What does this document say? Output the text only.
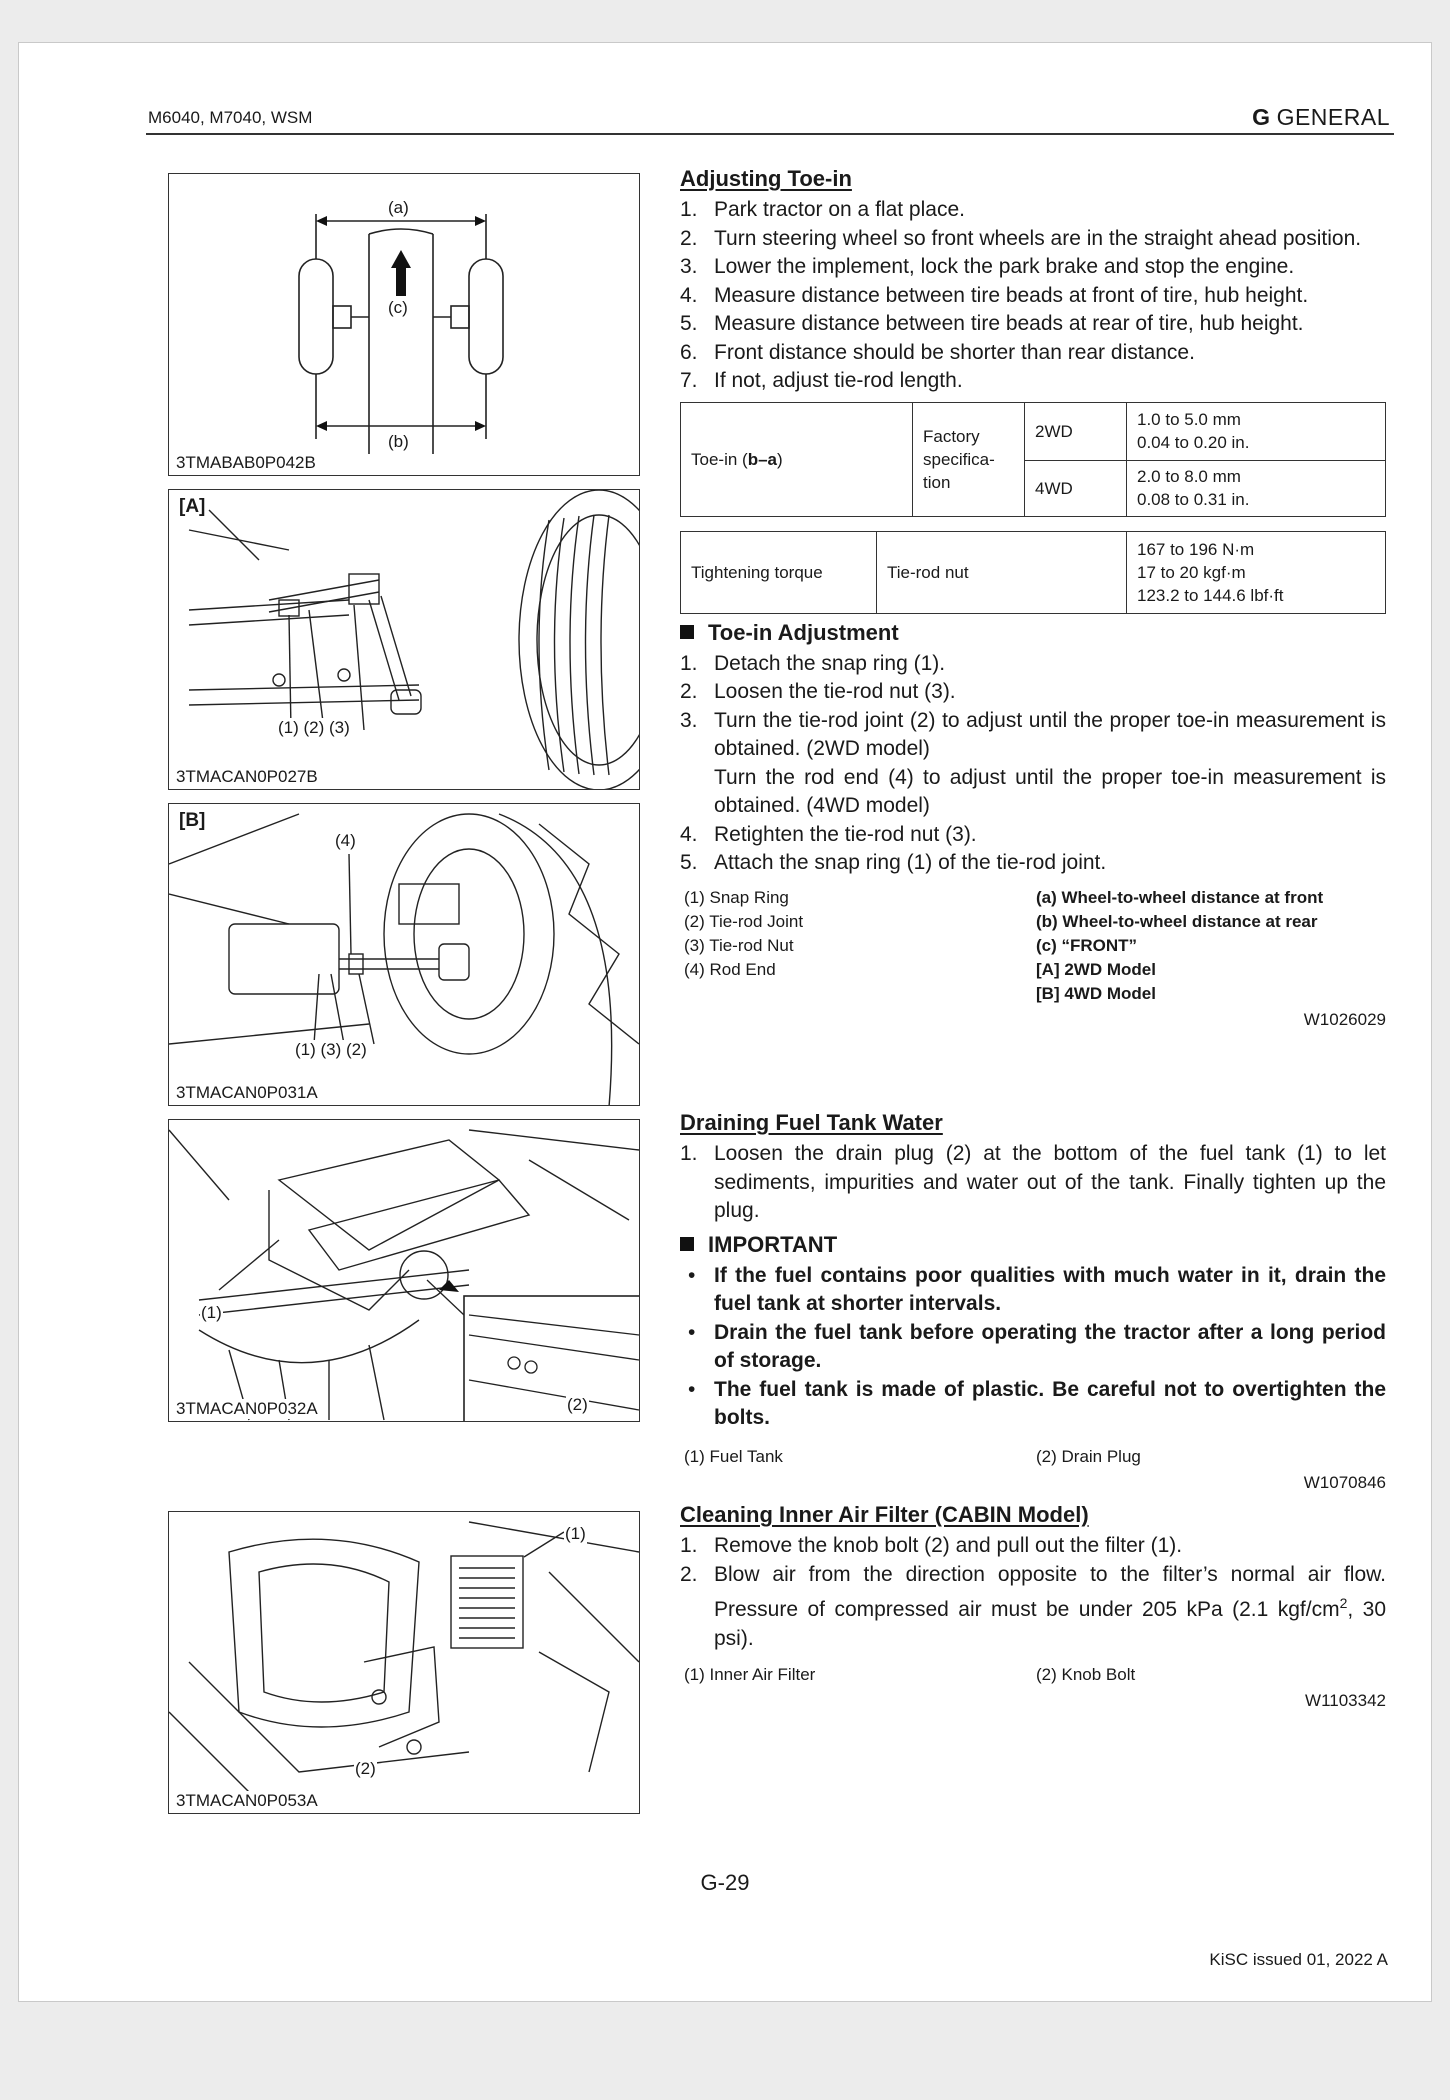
M6040, M7040, WSM	G GENERAL
(a)
(c)
(b)
3TMABAB0P042B
[A]
(1) (2) (3)
3TMACAN0P027B
[B]
(4)
(1) (3) (2)
3TMACAN0P031A
(1)
(2)
3TMACAN0P032A
(1)
(2)
3TMACAN0P053A
Adjusting Toe-in
1. Park tractor on a flat place.
2. Turn steering wheel so front wheels are in the straight ahead position.
3. Lower the implement, lock the park brake and stop the engine.
4. Measure distance between tire beads at front of tire, hub height.
5. Measure distance between tire beads at rear of tire, hub height.
6. Front distance should be shorter than rear distance.
7. If not, adjust tie-rod length.
Toe-in (b–a)	Factory specifica-tion	2WD	1.0 to 5.0 mm
0.04 to 0.20 in.

		4WD	2.0 to 8.0 mm
0.08 to 0.31 in.
Tightening torque	Tie-rod nut	
167 to 196 N·m
17 to 20 kgf·m
123.2 to 144.6 lbf·ft
Toe-in Adjustment
1. Detach the snap ring (1).
2. Loosen the tie-rod nut (3).
3. Turn the tie-rod joint (2) to adjust until the proper toe-in measurement is obtained. (2WD model)
Turn the rod end (4) to adjust until the proper toe-in measurement is obtained. (4WD model)
4. Retighten the tie-rod nut (3).
5. Attach the snap ring (1) of the tie-rod joint.
(1) Snap Ring
(2) Tie-rod Joint
(3) Tie-rod Nut
(4) Rod End
(a) Wheel-to-wheel distance at front
(b) Wheel-to-wheel distance at rear
(c) “FRONT”
[A] 2WD Model
[B] 4WD Model
W1026029
Draining Fuel Tank Water
1. Loosen the drain plug (2) at the bottom of the fuel tank (1) to let sediments, impurities and water out of the tank. Finally tighten up the plug.
IMPORTANT
• If the fuel contains poor qualities with much water in it, drain the fuel tank at shorter intervals.
• Drain the fuel tank before operating the tractor after a long period of storage.
• The fuel tank is made of plastic. Be careful not to overtighten the bolts.
(1) Fuel Tank	(2) Drain Plug
W1070846
Cleaning Inner Air Filter (CABIN Model)
1. Remove the knob bolt (2) and pull out the filter (1).
2. Blow air from the direction opposite to the filter’s normal air flow. Pressure of compressed air must be under 205 kPa (2.1 kgf/$cm^2$, 30 psi).
(1) Inner Air Filter	(2) Knob Bolt
W1103342
G-29
KiSC issued 01, 2022 A
